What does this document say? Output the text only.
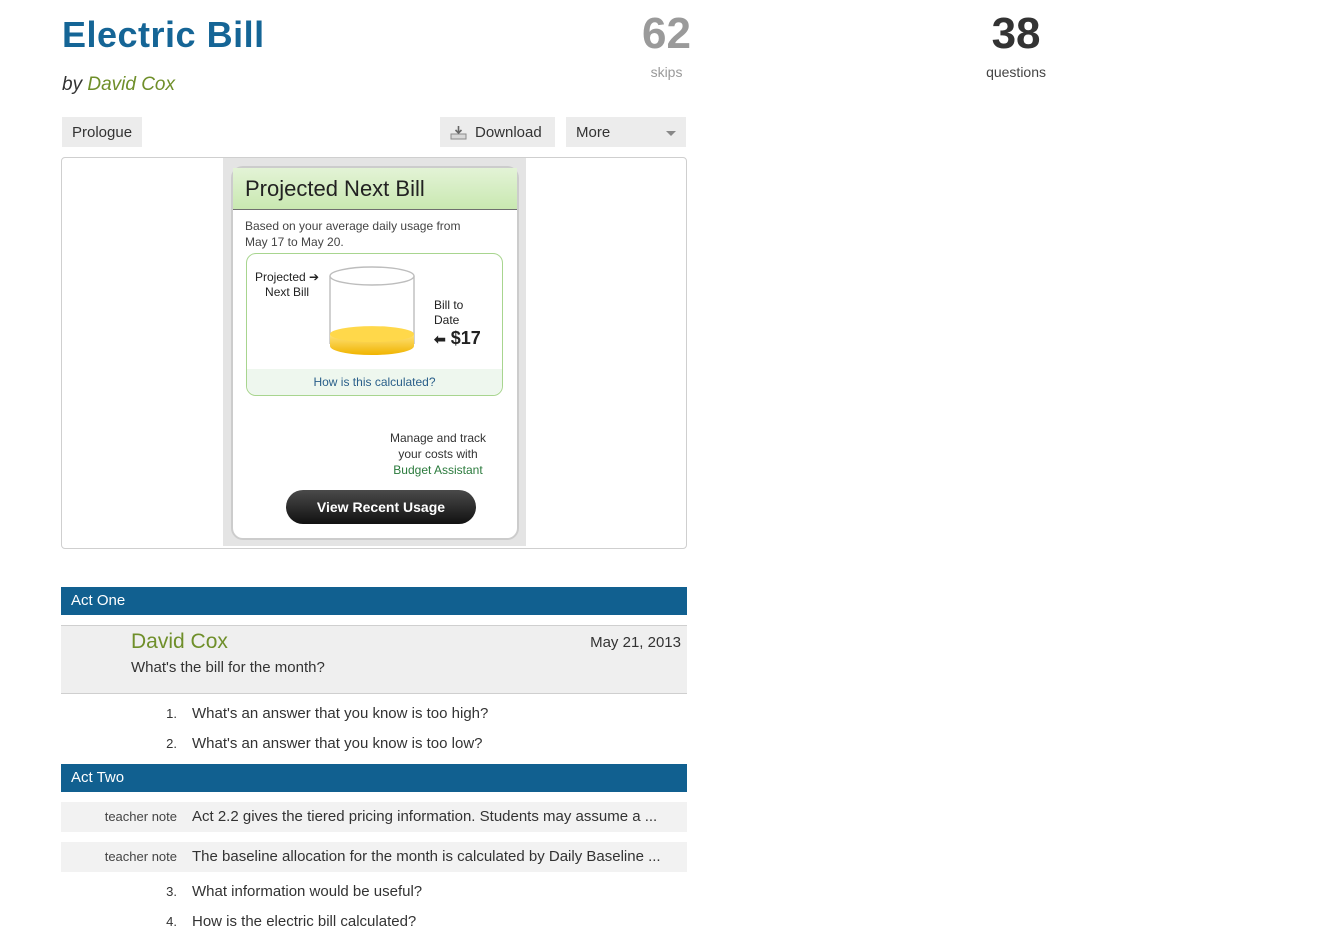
Electric Bill
by David Cox
38
questions
62
skips
Prologue	Download More
Projected Next Bill
Based on your average daily usage from
May 17 to May 20.
Projected ➔
Next Bill
Bill to
Date
⬅ $17
How is this calculated?
Manage and track
your costs with
Budget Assistant
View Recent Usage
Act One
David Cox	May 21, 2013
What's the bill for the month?
1. What's an answer that you know is too high?
2. What's an answer that you know is too low?
Act Two
teacher note Act 2.2 gives the tiered pricing information. Students may assume a ...
teacher note The baseline allocation for the month is calculated by Daily Baseline ...
3. What information would be useful?
4. How is the electric bill calculated?
